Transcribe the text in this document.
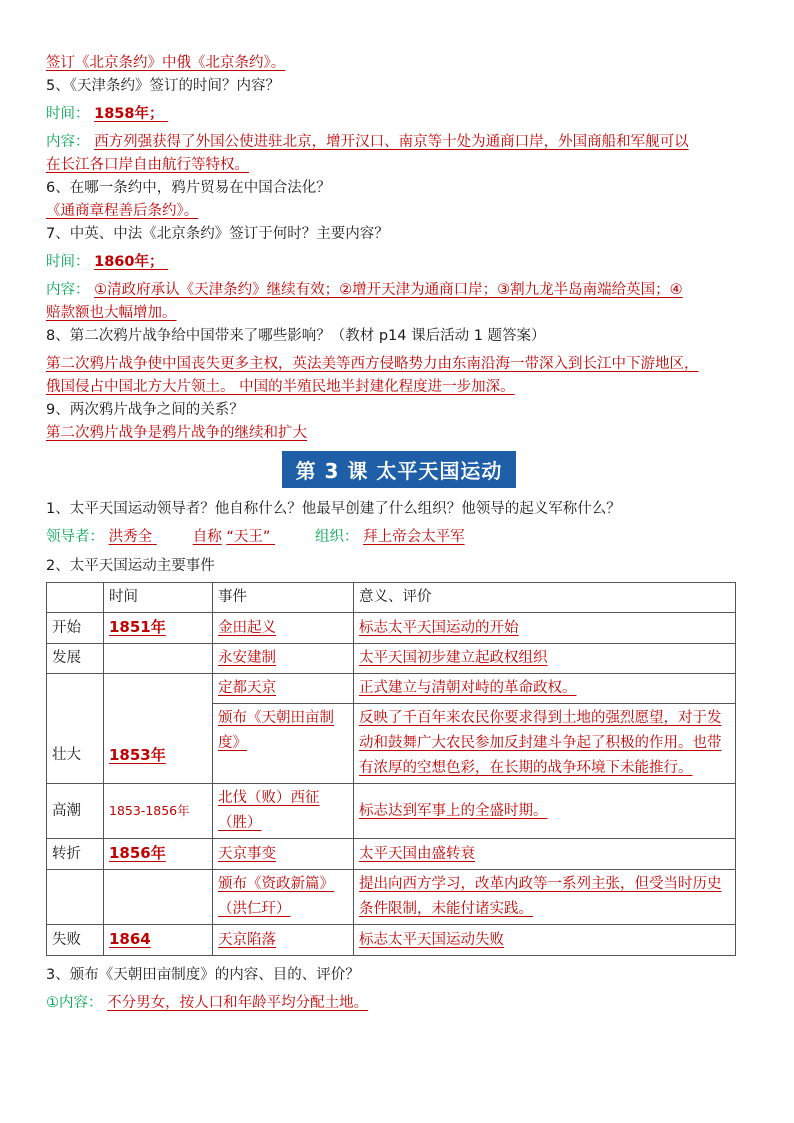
签订《北京条约》中俄《北京条约》。
5、《天津条约》签订的时间？内容？
时间： 1858年；
内容： 西方列强获得了外国公使进驻北京，增开汉口、南京等十处为通商口岸，外国商船和军舰可以
在长江各口岸自由航行等特权。
6、在哪一条约中，鸦片贸易在中国合法化？
《通商章程善后条约》。
7、中英、中法《北京条约》签订于何时？主要内容？
时间： 1860年；
内容： ①清政府承认《天津条约》继续有效；②增开天津为通商口岸；③割九龙半岛南端给英国；④
赔款额也大幅增加。
8、第二次鸦片战争给中国带来了哪些影响？（教材 p14 课后活动 1 题答案）
第二次鸦片战争使中国丧失更多主权，英法美等西方侵略势力由东南沿海一带深入到长江中下游地区，
俄国侵占中国北方大片领土。 中国的半殖民地半封建化程度进一步加深。
9、两次鸦片战争之间的关系？
第二次鸦片战争是鸦片战争的继续和扩大
第 3 课 太平天国运动
1、太平天国运动领导者？他自称什么？他最早创建了什么组织？他领导的起义军称什么？
领导者： 洪秀全	自称 “天王”	组织： 拜上帝会太平军
2、太平天国运动主要事件
	时间	事件	意义、评价
开始	1851年	金田起义	标志太平天国运动的开始
发展		永安建制	太平天国初步建立起政权组织
壮大	1853年	定都天京	正式建立与清朝对峙的革命政权。
		颁布《天朝田亩制度》	反映了千百年来农民你要求得到土地的强烈愿望，对于发动和鼓舞广大农民参加反封建斗争起了积极的作用。也带有浓厚的空想色彩，在长期的战争环境下未能推行。
高潮	1853-1856年	北伐（败）西征（胜）	标志达到军事上的全盛时期。
转折	1856年	天京事变	太平天国由盛转衰
		颁布《资政新篇》（洪仁玕）	提出向西方学习，改革内政等一系列主张，但受当时历史条件限制，未能付诸实践。
失败	1864	天京陷落	标志太平天国运动失败
3、颁布《天朝田亩制度》的内容、目的、评价？
①内容： 不分男女，按人口和年龄平均分配土地。
